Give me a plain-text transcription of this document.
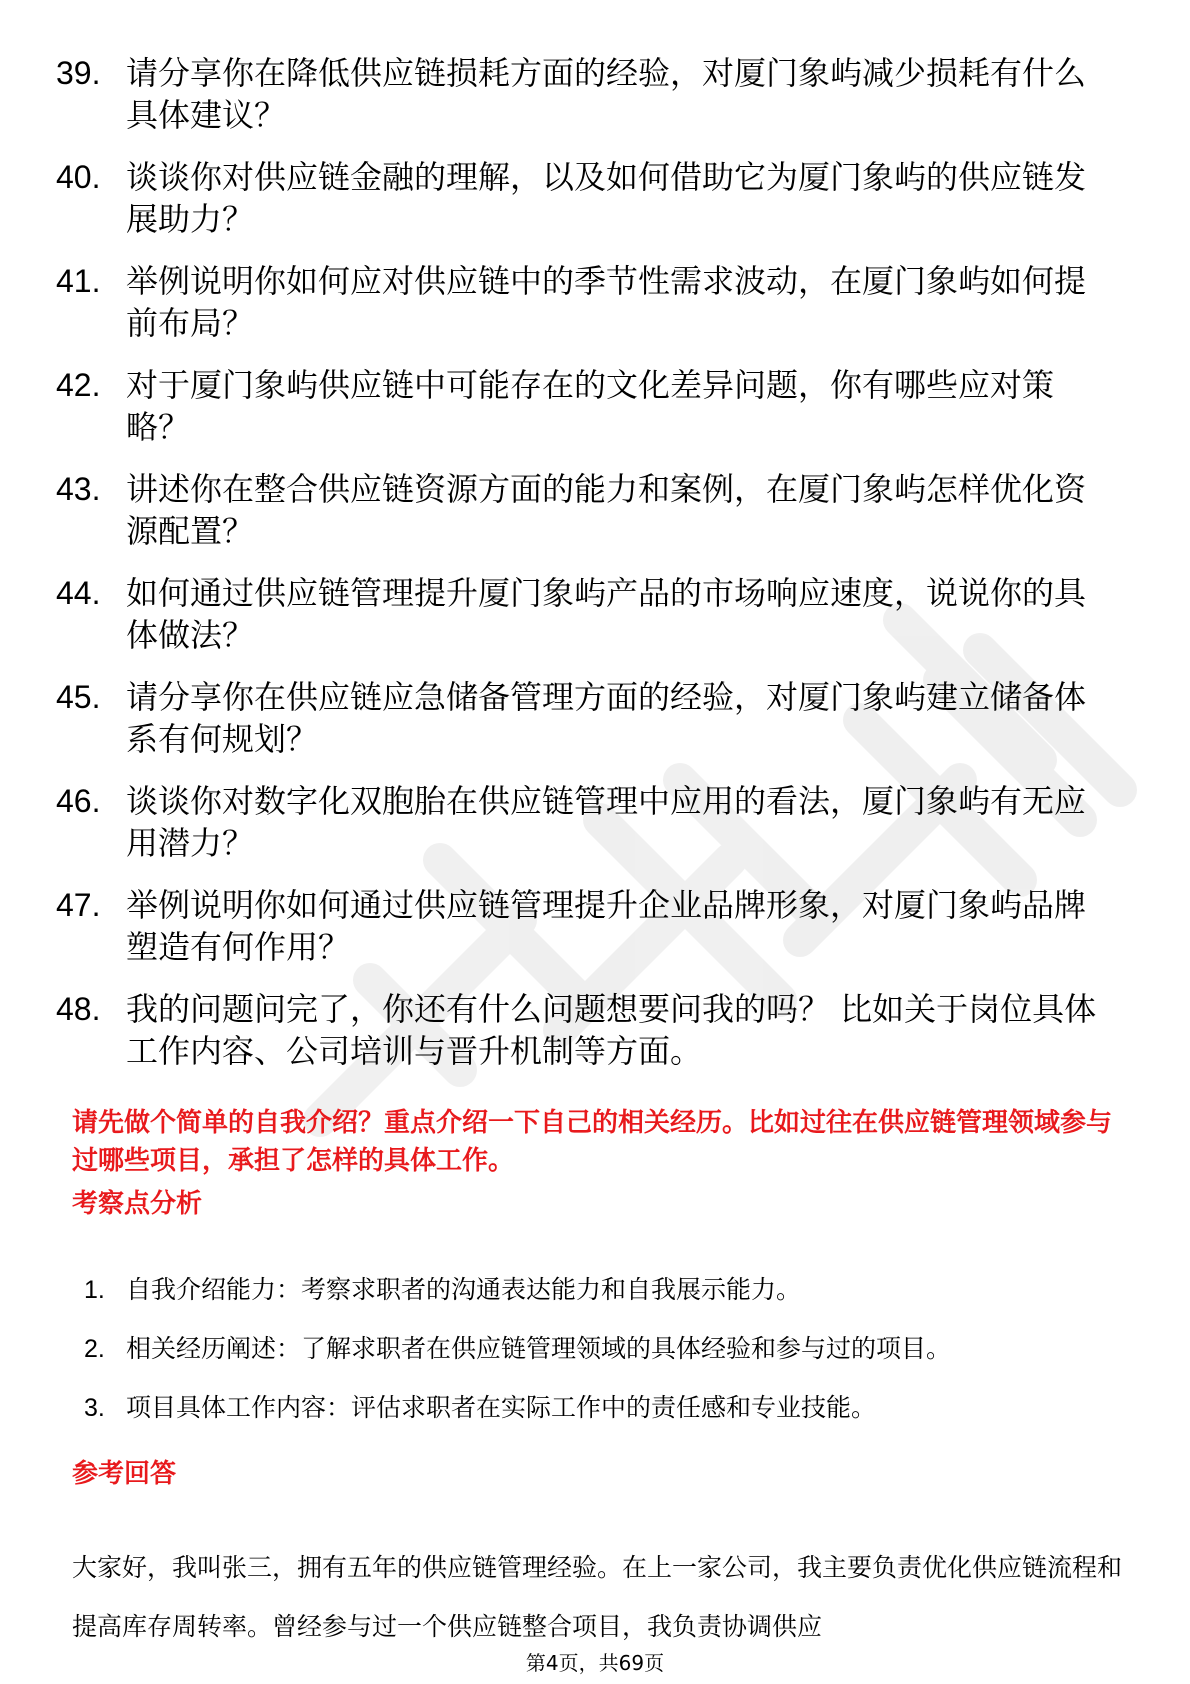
39. 请分享你在降低供应链损耗方面的经验，对厦门象屿减少损耗有什么具体建议？
40. 谈谈你对供应链金融的理解，以及如何借助它为厦门象屿的供应链发展助力？
41. 举例说明你如何应对供应链中的季节性需求波动，在厦门象屿如何提前布局？
42. 对于厦门象屿供应链中可能存在的文化差异问题，你有哪些应对策略？
43. 讲述你在整合供应链资源方面的能力和案例，在厦门象屿怎样优化资源配置？
44. 如何通过供应链管理提升厦门象屿产品的市场响应速度，说说你的具体做法？
45. 请分享你在供应链应急储备管理方面的经验，对厦门象屿建立储备体系有何规划？
46. 谈谈你对数字化双胞胎在供应链管理中应用的看法，厦门象屿有无应用潜力？
47. 举例说明你如何通过供应链管理提升企业品牌形象，对厦门象屿品牌塑造有何作用？
48. 我的问题问完了，你还有什么问题想要问我的吗？ 比如关于岗位具体工作内容、公司培训与晋升机制等方面。
请先做个简单的自我介绍？重点介绍一下自己的相关经历。比如过往在供应链管理领域参与过哪些项目，承担了怎样的具体工作。
考察点分析
1. 自我介绍能力：考察求职者的沟通表达能力和自我展示能力。
2. 相关经历阐述：了解求职者在供应链管理领域的具体经验和参与过的项目。
3. 项目具体工作内容：评估求职者在实际工作中的责任感和专业技能。
参考回答
大家好，我叫张三，拥有五年的供应链管理经验。在上一家公司，我主要负责优化供应链流程和提高库存周转率。曾经参与过一个供应链整合项目，我负责协调供应
第4页，共69页
